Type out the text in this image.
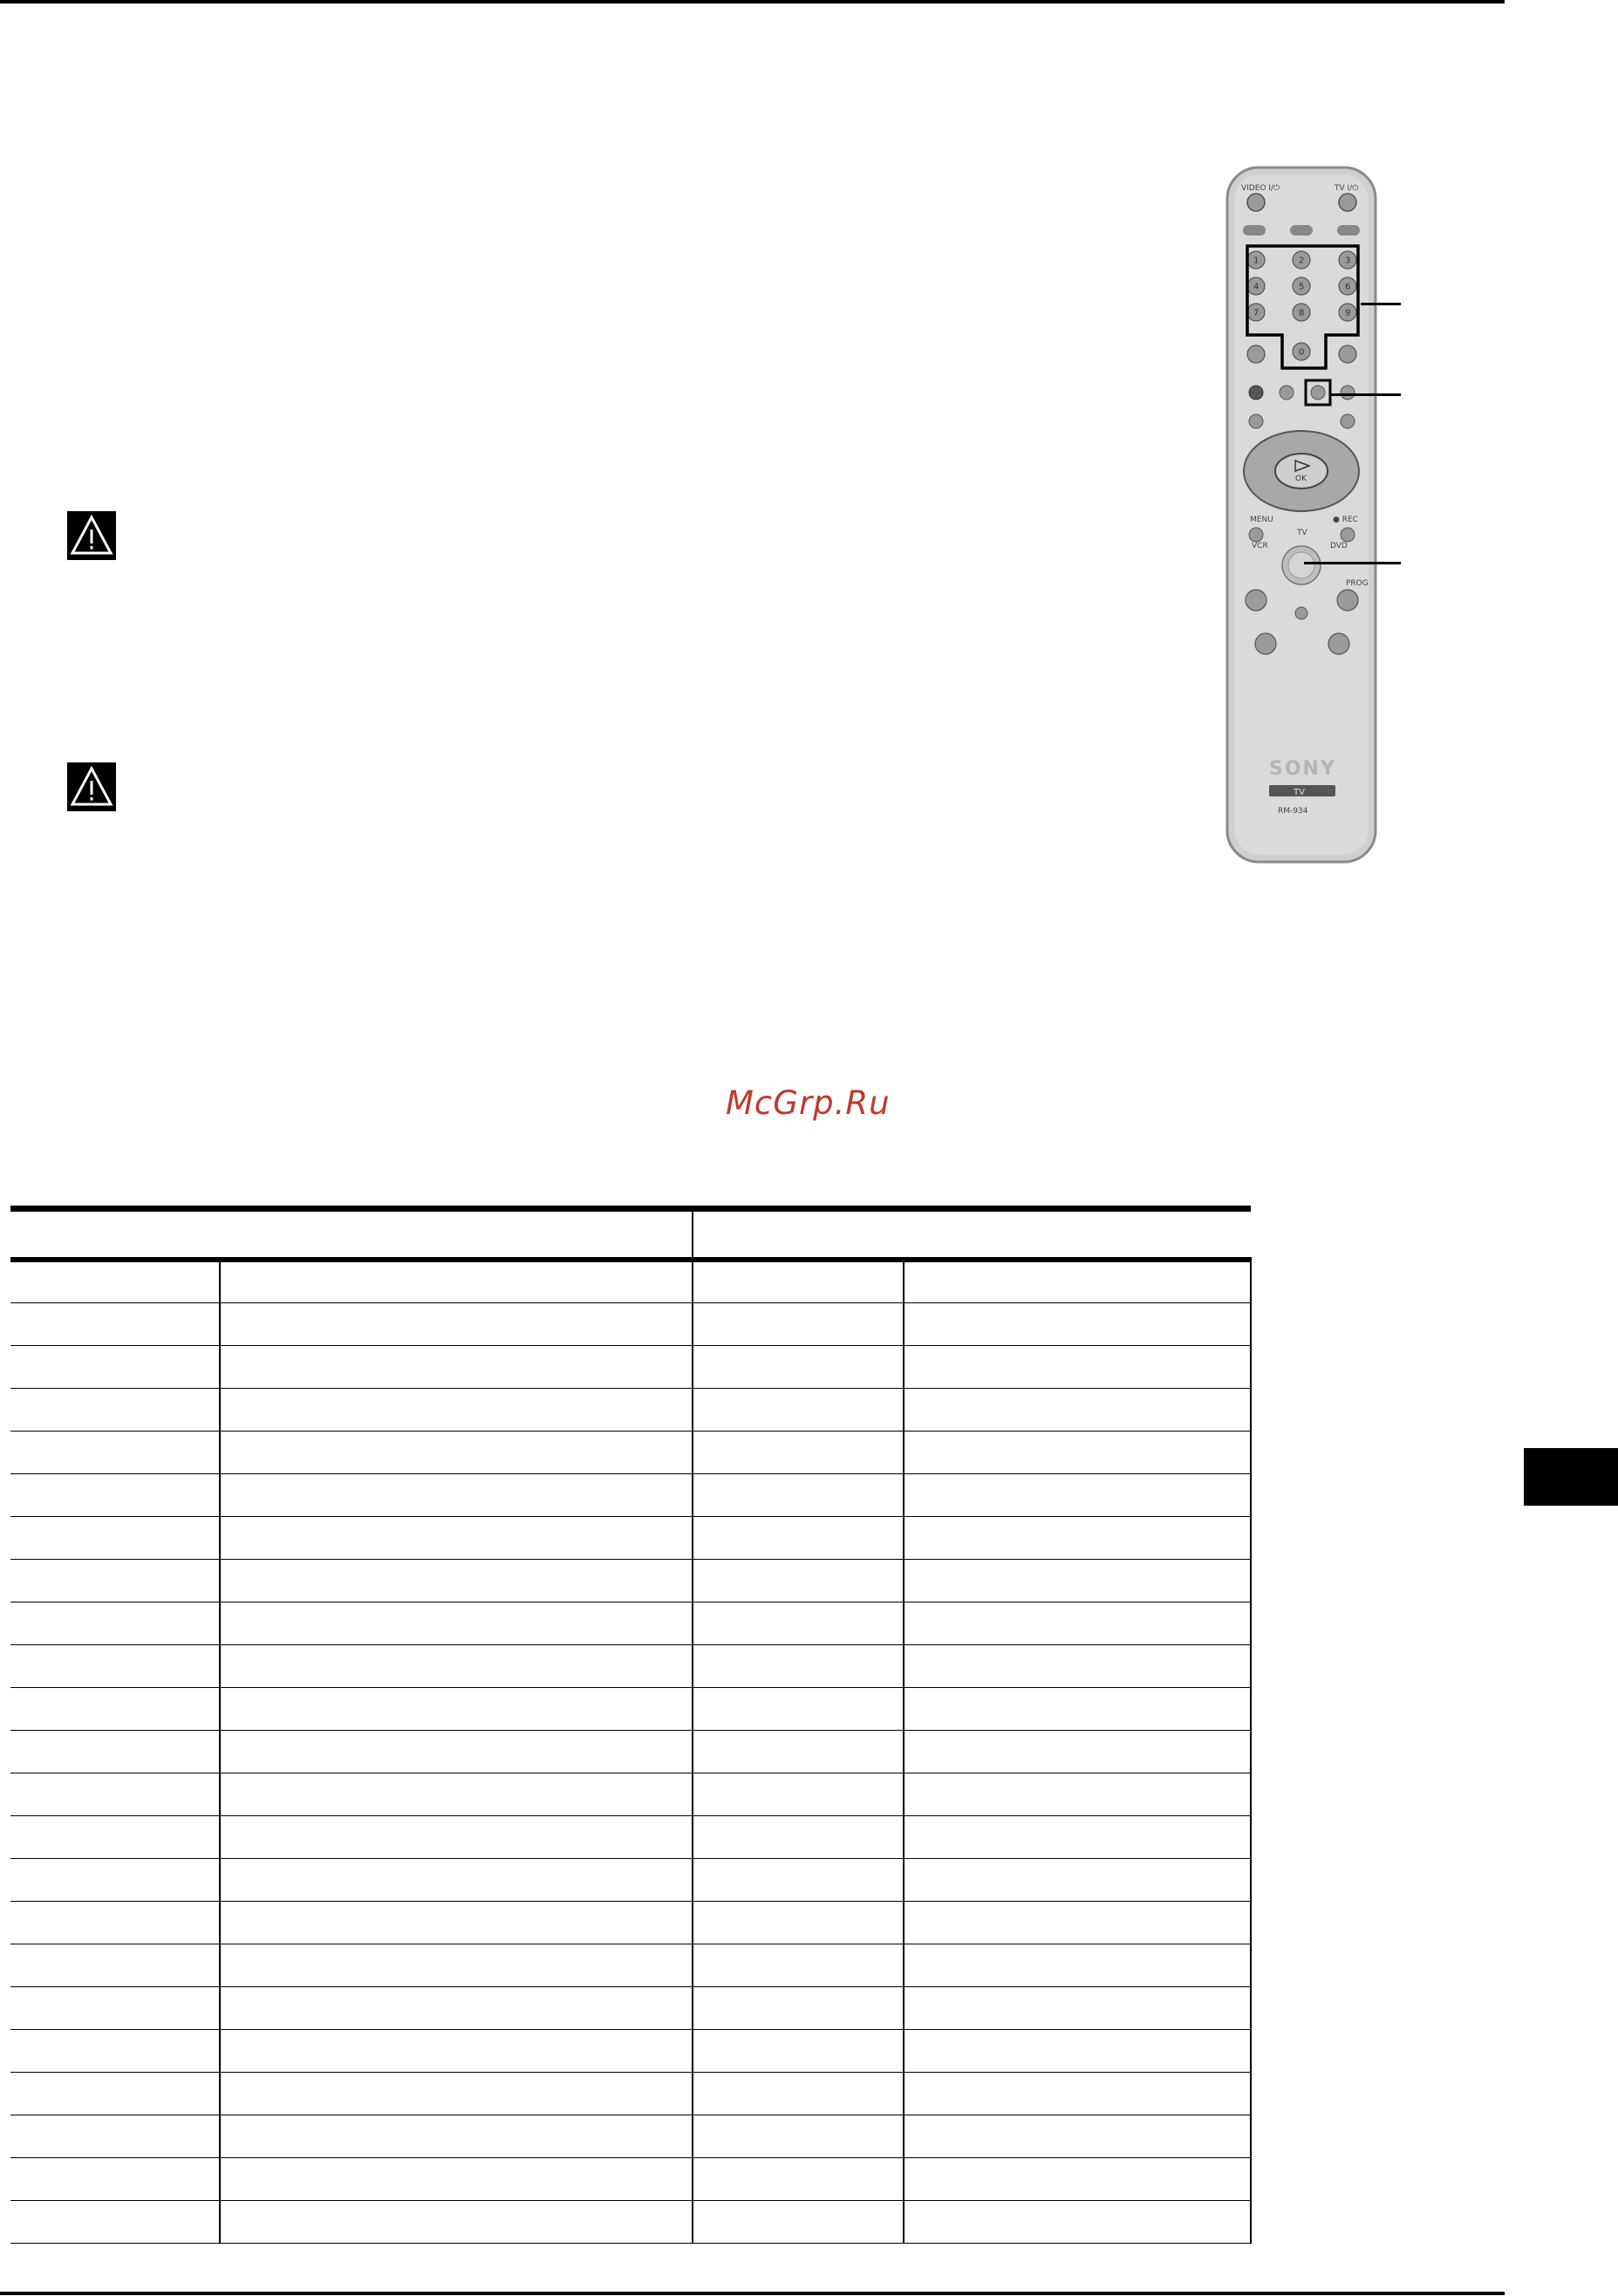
VIDEO I/⏻	TV I/⏻
1	2	3
4	5	6
7	8	9
0
OK
MENU	● REC
TV
VCR	DVD
PROG
SONY
TV
RM-934
McGrp.Ru
